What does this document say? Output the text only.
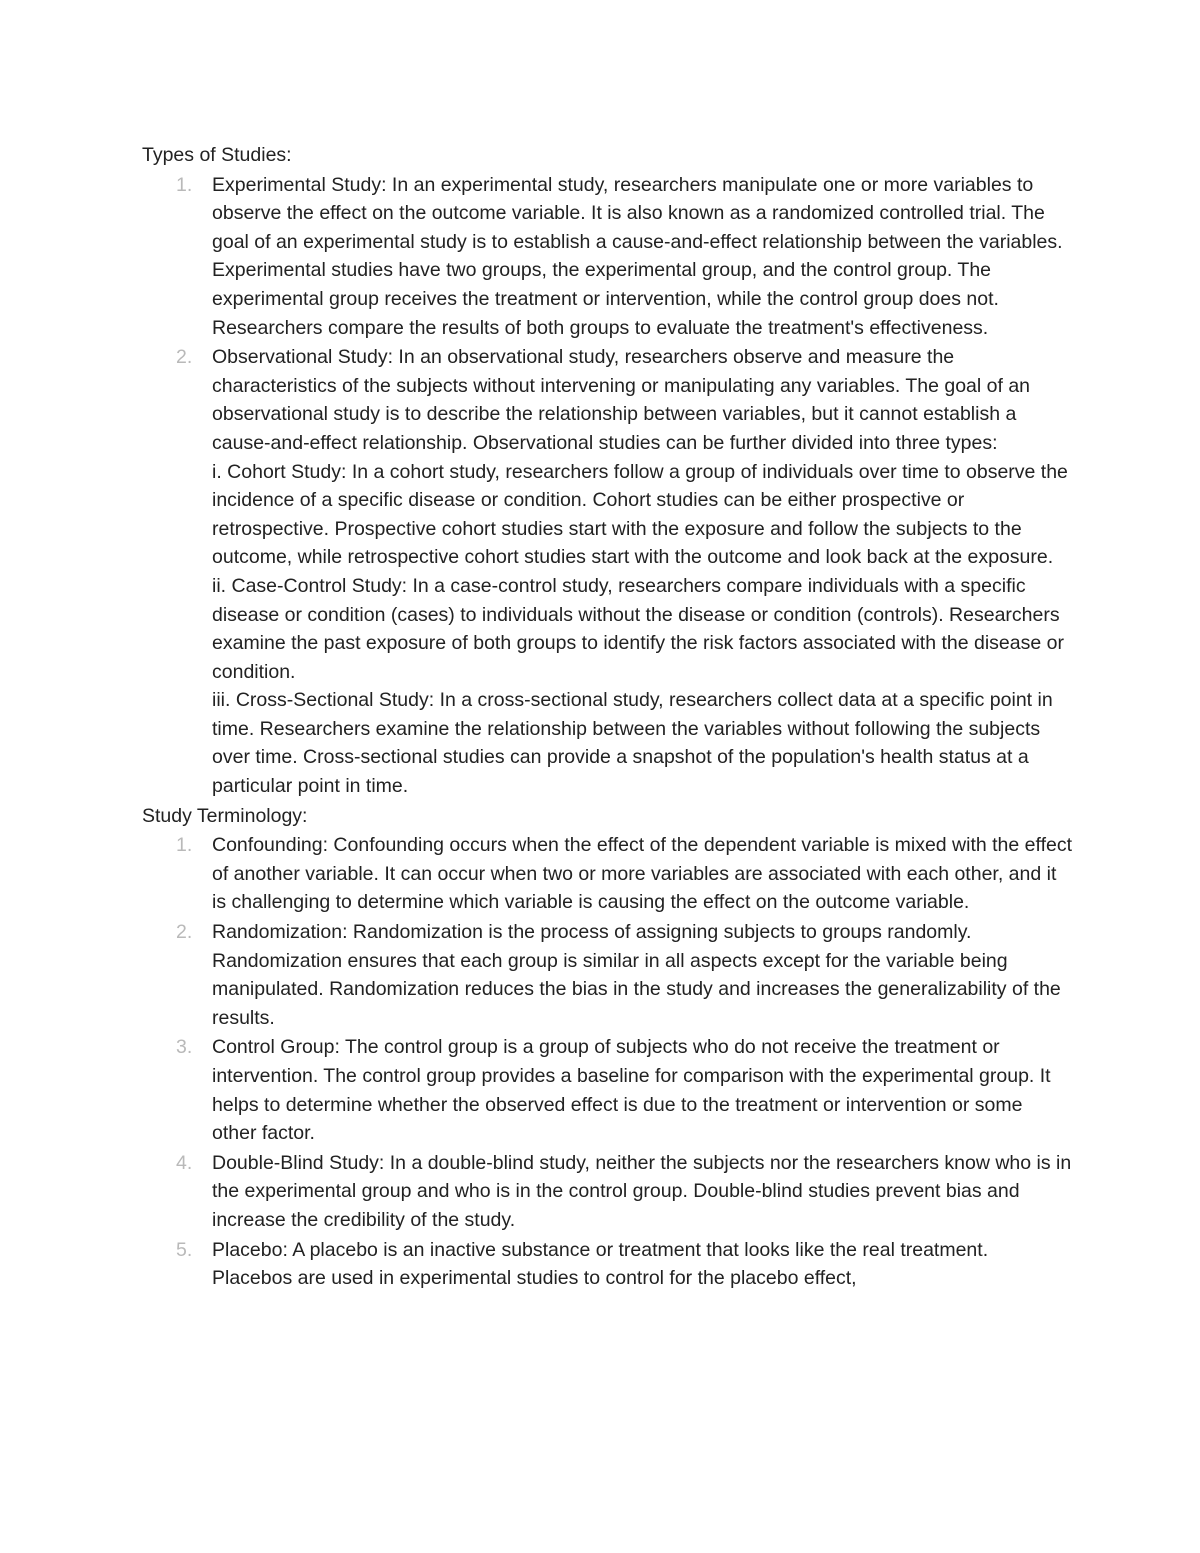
Types of Studies:
1. Experimental Study: In an experimental study, researchers manipulate one or more variables to observe the effect on the outcome variable. It is also known as a randomized controlled trial. The goal of an experimental study is to establish a cause-and-effect relationship between the variables. Experimental studies have two groups, the experimental group, and the control group. The experimental group receives the treatment or intervention, while the control group does not. Researchers compare the results of both groups to evaluate the treatment's effectiveness.

2. Observational Study: In an observational study, researchers observe and measure the characteristics of the subjects without intervening or manipulating any variables. The goal of an observational study is to describe the relationship between variables, but it cannot establish a cause-and-effect relationship. Observational studies can be further divided into three types:

i. Cohort Study: In a cohort study, researchers follow a group of individuals over time to observe the incidence of a specific disease or condition. Cohort studies can be either prospective or retrospective. Prospective cohort studies start with the exposure and follow the subjects to the outcome, while retrospective cohort studies start with the outcome and look back at the exposure.

ii. Case-Control Study: In a case-control study, researchers compare individuals with a specific disease or condition (cases) to individuals without the disease or condition (controls). Researchers examine the past exposure of both groups to identify the risk factors associated with the disease or condition.

iii. Cross-Sectional Study: In a cross-sectional study, researchers collect data at a specific point in time. Researchers examine the relationship between the variables without following the subjects over time. Cross-sectional studies can provide a snapshot of the population's health status at a particular point in time.

Study Terminology:
1. Confounding: Confounding occurs when the effect of the dependent variable is mixed with the effect of another variable. It can occur when two or more variables are associated with each other, and it is challenging to determine which variable is causing the effect on the outcome variable.

2. Randomization: Randomization is the process of assigning subjects to groups randomly. Randomization ensures that each group is similar in all aspects except for the variable being manipulated. Randomization reduces the bias in the study and increases the generalizability of the results.

3. Control Group: The control group is a group of subjects who do not receive the treatment or intervention. The control group provides a baseline for comparison with the experimental group. It helps to determine whether the observed effect is due to the treatment or intervention or some other factor.

4. Double-Blind Study: In a double-blind study, neither the subjects nor the researchers know who is in the experimental group and who is in the control group. Double-blind studies prevent bias and increase the credibility of the study.

5. Placebo: A placebo is an inactive substance or treatment that looks like the real treatment. Placebos are used in experimental studies to control for the placebo effect,
